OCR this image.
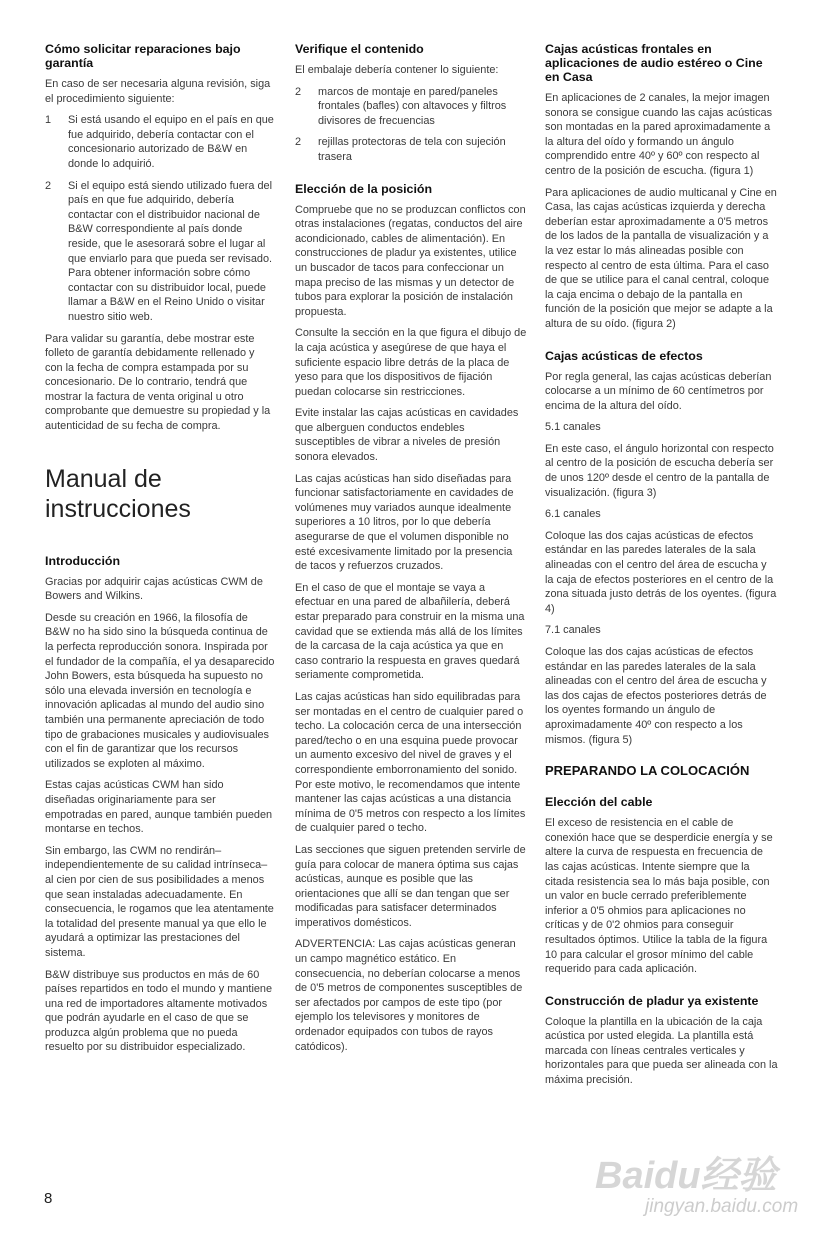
Cómo solicitar reparaciones bajo garantía

En caso de ser necesaria alguna revisión, siga el procedimiento siguiente:

1	Si está usando el equipo en el país en que fue adquirido, debería contactar con el concesionario autorizado de B&W en donde lo adquirió.
2	Si el equipo está siendo utilizado fuera del país en que fue adquirido, debería contactar con el distribuidor nacional de B&W correspondiente al país donde reside, que le asesorará sobre el lugar al que enviarlo para que pueda ser revisado. Para obtener información sobre cómo contactar con su distribuidor local, puede llamar a B&W en el Reino Unido o visitar nuestro sitio web.

Para validar su garantía, debe mostrar este folleto de garantía debidamente rellenado y con la fecha de compra estampada por su concesionario. De lo contrario, tendrá que mostrar la factura de venta original u otro comprobante que demuestre su propiedad y la autenticidad de su fecha de compra.

Manual de
instrucciones
Introducción

Gracias por adquirir cajas acústicas CWM de Bowers and Wilkins.

Desde su creación en 1966, la filosofía de B&W no ha sido sino la búsqueda continua de la perfecta reproducción sonora. Inspirada por el fundador de la compañía, el ya desaparecido John Bowers, esta búsqueda ha supuesto no sólo una elevada inversión en tecnología e innovación aplicadas al mundo del audio sino también una permanente apreciación de todo tipo de grabaciones musicales y audiovisuales con el fin de garantizar que los recursos utilizados se exploten al máximo.

Estas cajas acústicas CWM han sido diseñadas originariamente para ser empotradas en pared, aunque también pueden montarse en techos.

Sin embargo, las CWM no rendirán–independientemente de su calidad intrínseca– al cien por cien de sus posibilidades a menos que sean instaladas adecuadamente. En consecuencia, le rogamos que lea atentamente la totalidad del presente manual ya que ello le ayudará a optimizar las prestaciones del sistema.

B&W distribuye sus productos en más de 60 países repartidos en todo el mundo y mantiene una red de importadores altamente motivados que podrán ayudarle en el caso de que se produzca algún problema que no pueda resuelto por su distribuidor especializado.

Verifique el contenido

El embalaje debería contener lo siguiente:

2	marcos de montaje en pared/paneles frontales (bafles) con altavoces y filtros divisores de frecuencias
2	rejillas protectoras de tela con sujeción trasera
Elección de la posición

Compruebe que no se produzcan conflictos con otras instalaciones (regatas, conductos del aire acondicionado, cables de alimentación). En construcciones de pladur ya existentes, utilice un buscador de tacos para confeccionar un mapa preciso de las mismas y un detector de tubos para explorar la posición de instalación propuesta.

Consulte la sección en la que figura el dibujo de la caja acústica y asegúrese de que haya el suficiente espacio libre detrás de la placa de yeso para que los dispositivos de fijación puedan colocarse sin restricciones.

Evite instalar las cajas acústicas en cavidades que alberguen conductos endebles susceptibles de vibrar a niveles de presión sonora elevados.

Las cajas acústicas han sido diseñadas para funcionar satisfactoriamente en cavidades de volúmenes muy variados aunque idealmente superiores a 10 litros, por lo que debería asegurarse de que el volumen disponible no esté excesivamente limitado por la presencia de tacos y refuerzos cruzados.

En el caso de que el montaje se vaya a efectuar en una pared de albañilería, deberá estar preparado para construir en la misma una cavidad que se extienda más allá de los límites de la carcasa de la caja acústica ya que en caso contrario la respuesta en graves quedará seriamente comprometida.

Las cajas acústicas han sido equilibradas para ser montadas en el centro de cualquier pared o techo. La colocación cerca de una intersección pared/techo o en una esquina puede provocar un aumento excesivo del nivel de graves y el correspondiente emborronamiento del sonido. Por este motivo, le recomendamos que intente mantener las cajas acústicas a una distancia mínima de 0'5 metros con respecto a los límites de cualquier pared o techo.

Las secciones que siguen pretenden servirle de guía para colocar de manera óptima sus cajas acústicas, aunque es posible que las orientaciones que allí se dan tengan que ser modificadas para satisfacer determinados imperativos domésticos.

ADVERTENCIA: Las cajas acústicas generan un campo magnético estático. En consecuencia, no deberían colocarse a menos de 0'5 metros de componentes susceptibles de ser afectados por campos de este tipo (por ejemplo los televisores y monitores de ordenador equipados con tubos de rayos catódicos).

Cajas acústicas frontales en aplicaciones de audio estéreo o Cine en Casa

En aplicaciones de 2 canales, la mejor imagen sonora se consigue cuando las cajas acústicas son montadas en la pared aproximadamente a la altura del oído y formando un ángulo comprendido entre 40º y 60º con respecto al centro de la posición de escucha. (figura 1)

Para aplicaciones de audio multicanal y Cine en Casa, las cajas acústicas izquierda y derecha deberían estar aproximadamente a 0'5 metros de los lados de la pantalla de visualización y a la vez estar lo más alineadas posible con respecto al centro de esta última. Para el caso de que se utilice para el canal central, coloque la caja encima o debajo de la pantalla en función de la posición que mejor se adapte a la altura de su oído. (figura 2)

Cajas acústicas de efectos

Por regla general, las cajas acústicas deberían colocarse a un mínimo de 60 centímetros por encima de la altura del oído.

5.1 canales

En este caso, el ángulo horizontal con respecto al centro de la posición de escucha debería ser de unos 120º desde el centro de la pantalla de visualización. (figura 3)

6.1 canales

Coloque las dos cajas acústicas de efectos estándar en las paredes laterales de la sala alineadas con el centro del área de escucha y la caja de efectos posteriores en el centro de la zona situada justo detrás de los oyentes. (figura 4)

7.1 canales

Coloque las dos cajas acústicas de efectos estándar en las paredes laterales de la sala alineadas con el centro del área de escucha y las dos cajas de efectos posteriores detrás de los oyentes formando un ángulo de aproximadamente 40º con respecto a los mismos. (figura 5)

PREPARANDO LA COLOCACIÓN
Elección del cable

El exceso de resistencia en el cable de conexión hace que se desperdicie energía y se altere la curva de respuesta en frecuencia de las cajas acústicas. Intente siempre que la citada resistencia sea lo más baja posible, con un valor en bucle cerrado preferiblemente inferior a 0'5 ohmios para aplicaciones no críticas y de 0'2 ohmios para conseguir resultados óptimos. Utilice la tabla de la figura 10 para calcular el grosor mínimo del cable requerido para cada aplicación.

Construcción de pladur ya existente

Coloque la plantilla en la ubicación de la caja acústica por usted elegida. La plantilla está marcada con líneas centrales verticales y horizontales para que pueda ser alineada con la máxima precisión.

8
Baidu经验
jingyan.baidu.com
